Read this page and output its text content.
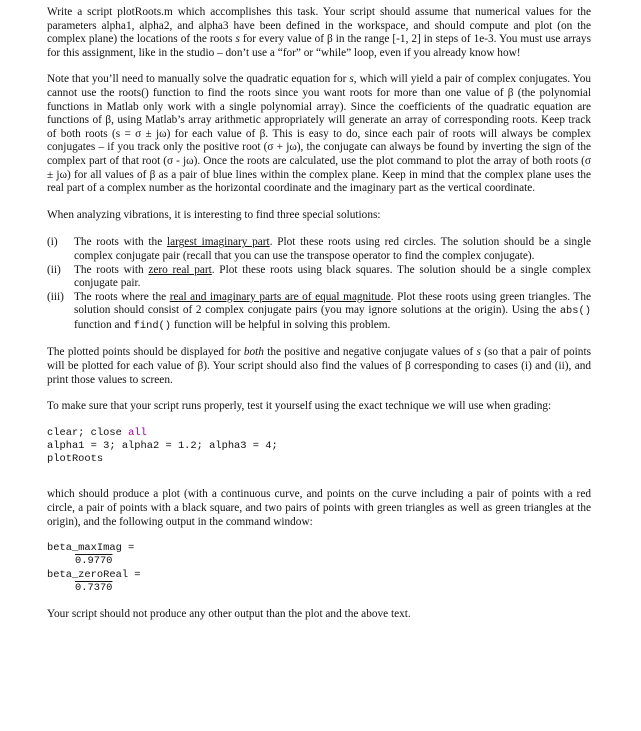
Write a script plotRoots.m which accomplishes this task. Your script should assume that numerical values for the parameters alpha1, alpha2, and alpha3 have been defined in the workspace, and should compute and plot (on the complex plane) the locations of the roots s for every value of β in the range [-1, 2] in steps of 1e-3. You must use arrays for this assignment, like in the studio – don’t use a “for” or “while” loop, even if you already know how!

Note that you’ll need to manually solve the quadratic equation for s, which will yield a pair of complex conjugates. You cannot use the roots() function to find the roots since you want roots for more than one value of β (the polynomial functions in Matlab only work with a single polynomial array). Since the coefficients of the quadratic equation are functions of β, using Matlab’s array arithmetic appropriately will generate an array of corresponding roots. Keep track of both roots (s = σ ± jω) for each value of β. This is easy to do, since each pair of roots will always be complex conjugates – if you track only the positive root (σ + jω), the conjugate can always be found by inverting the sign of the complex part of that root (σ - jω). Once the roots are calculated, use the plot command to plot the array of both roots (σ ± jω) for all values of β as a pair of blue lines within the complex plane. Keep in mind that the complex plane uses the real part of a complex number as the horizontal coordinate and the imaginary part as the vertical coordinate.

When analyzing vibrations, it is interesting to find three special solutions:

(i)	The roots with the largest imaginary part. Plot these roots using red circles. The solution should be a single complex conjugate pair (recall that you can use the transpose operator to find the complex conjugate).
(ii)	The roots with zero real part. Plot these roots using black squares. The solution should be a single complex conjugate pair.
(iii) The roots where the real and imaginary parts are of equal magnitude. Plot these roots using green triangles. The solution should consist of 2 complex conjugate pairs (you may ignore solutions at the origin). Using the abs() function and find() function will be helpful in solving this problem.

The plotted points should be displayed for both the positive and negative conjugate values of s (so that a pair of points will be plotted for each value of β). Your script should also find the values of β corresponding to cases (i) and (ii), and print those values to screen.

To make sure that your script runs properly, test it yourself using the exact technique we will use when grading:

clear; close all
alpha1 = 3; alpha2 = 1.2; alpha3 = 4;
plotRoots

which should produce a plot (with a continuous curve, and points on the curve including a pair of points with a red circle, a pair of points with a black square, and two pairs of points with green triangles as well as green triangles at the origin), and the following output in the command window:

beta_maxImag =
0.9770
beta_zeroReal =
0.7370

Your script should not produce any other output than the plot and the above text.
